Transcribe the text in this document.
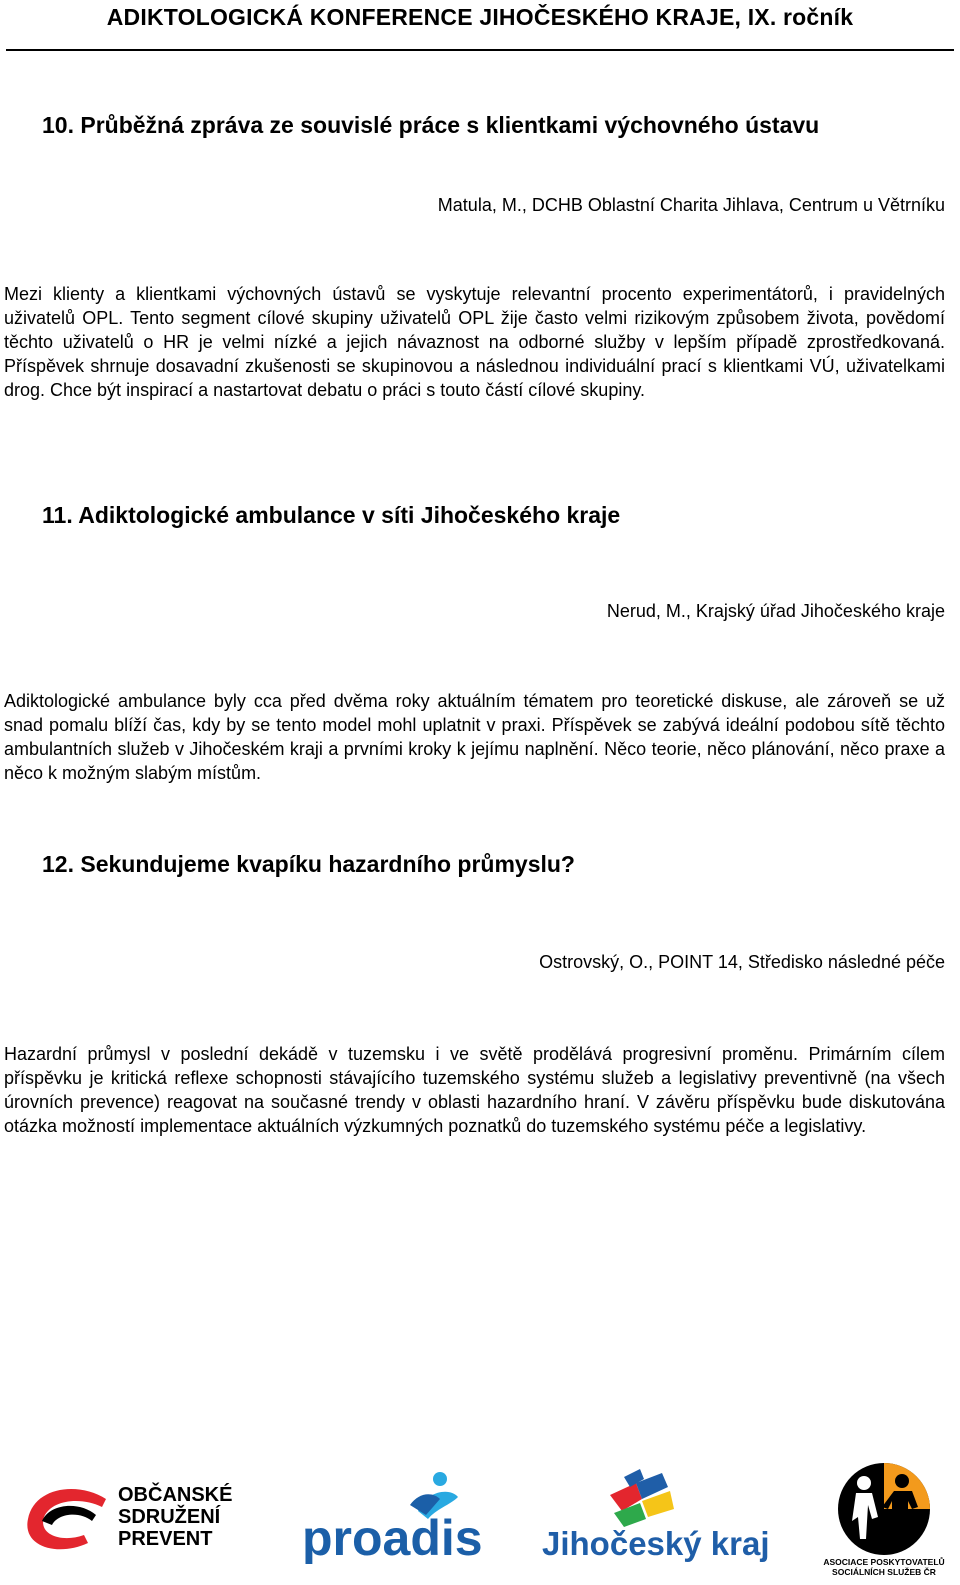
ADIKTOLOGICKÁ KONFERENCE JIHOČESKÉHO KRAJE, IX. ročník
10. Průběžná zpráva ze souvislé práce s klientkami výchovného ústavu
Matula, M., DCHB Oblastní Charita Jihlava, Centrum u Větrníku
Mezi klienty a klientkami výchovných ústavů se vyskytuje relevantní procento experimentátorů, i pravidelných uživatelů OPL. Tento segment cílové skupiny uživatelů OPL žije často velmi rizikovým způsobem života, povědomí těchto uživatelů o HR je velmi nízké a jejich návaznost na odborné služby v lepším případě zprostředkovaná. Příspěvek shrnuje dosavadní zkušenosti se skupinovou a následnou individuální prací s klientkami VÚ, uživatelkami drog. Chce být inspirací a nastartovat debatu o práci s touto částí cílové skupiny.
11. Adiktologické ambulance v síti Jihočeského kraje
Nerud, M., Krajský úřad Jihočeského kraje
Adiktologické ambulance byly cca před dvěma roky aktuálním tématem pro teoretické diskuse, ale zároveň se už snad pomalu blíží čas, kdy by se tento model mohl uplatnit v praxi. Příspěvek se zabývá ideální podobou sítě těchto ambulantních služeb v Jihočeském kraji a prvními kroky k jejímu naplnění. Něco teorie, něco plánování, něco praxe a něco k možným slabým místům.
12. Sekundujeme kvapíku hazardního průmyslu?
Ostrovský, O., POINT 14, Středisko následné péče
Hazardní průmysl v poslední dekádě v tuzemsku i ve světě prodělává progresivní proměnu. Primárním cílem příspěvku je kritická reflexe schopnosti stávajícího tuzemského systému služeb a legislativy preventivně (na všech úrovních prevence) reagovat na současné trendy v oblasti hazardního hraní. V závěru příspěvku bude diskutována otázka možností implementace aktuálních výzkumných poznatků do tuzemského systému péče a legislativy.
OBČANSKÉ
SDRUŽENÍ
PREVENT proadis Jihočeský kraj	ASOCIACE POSKYTOVATELŮ
SOCIÁLNÍCH SLUŽEB ČR
